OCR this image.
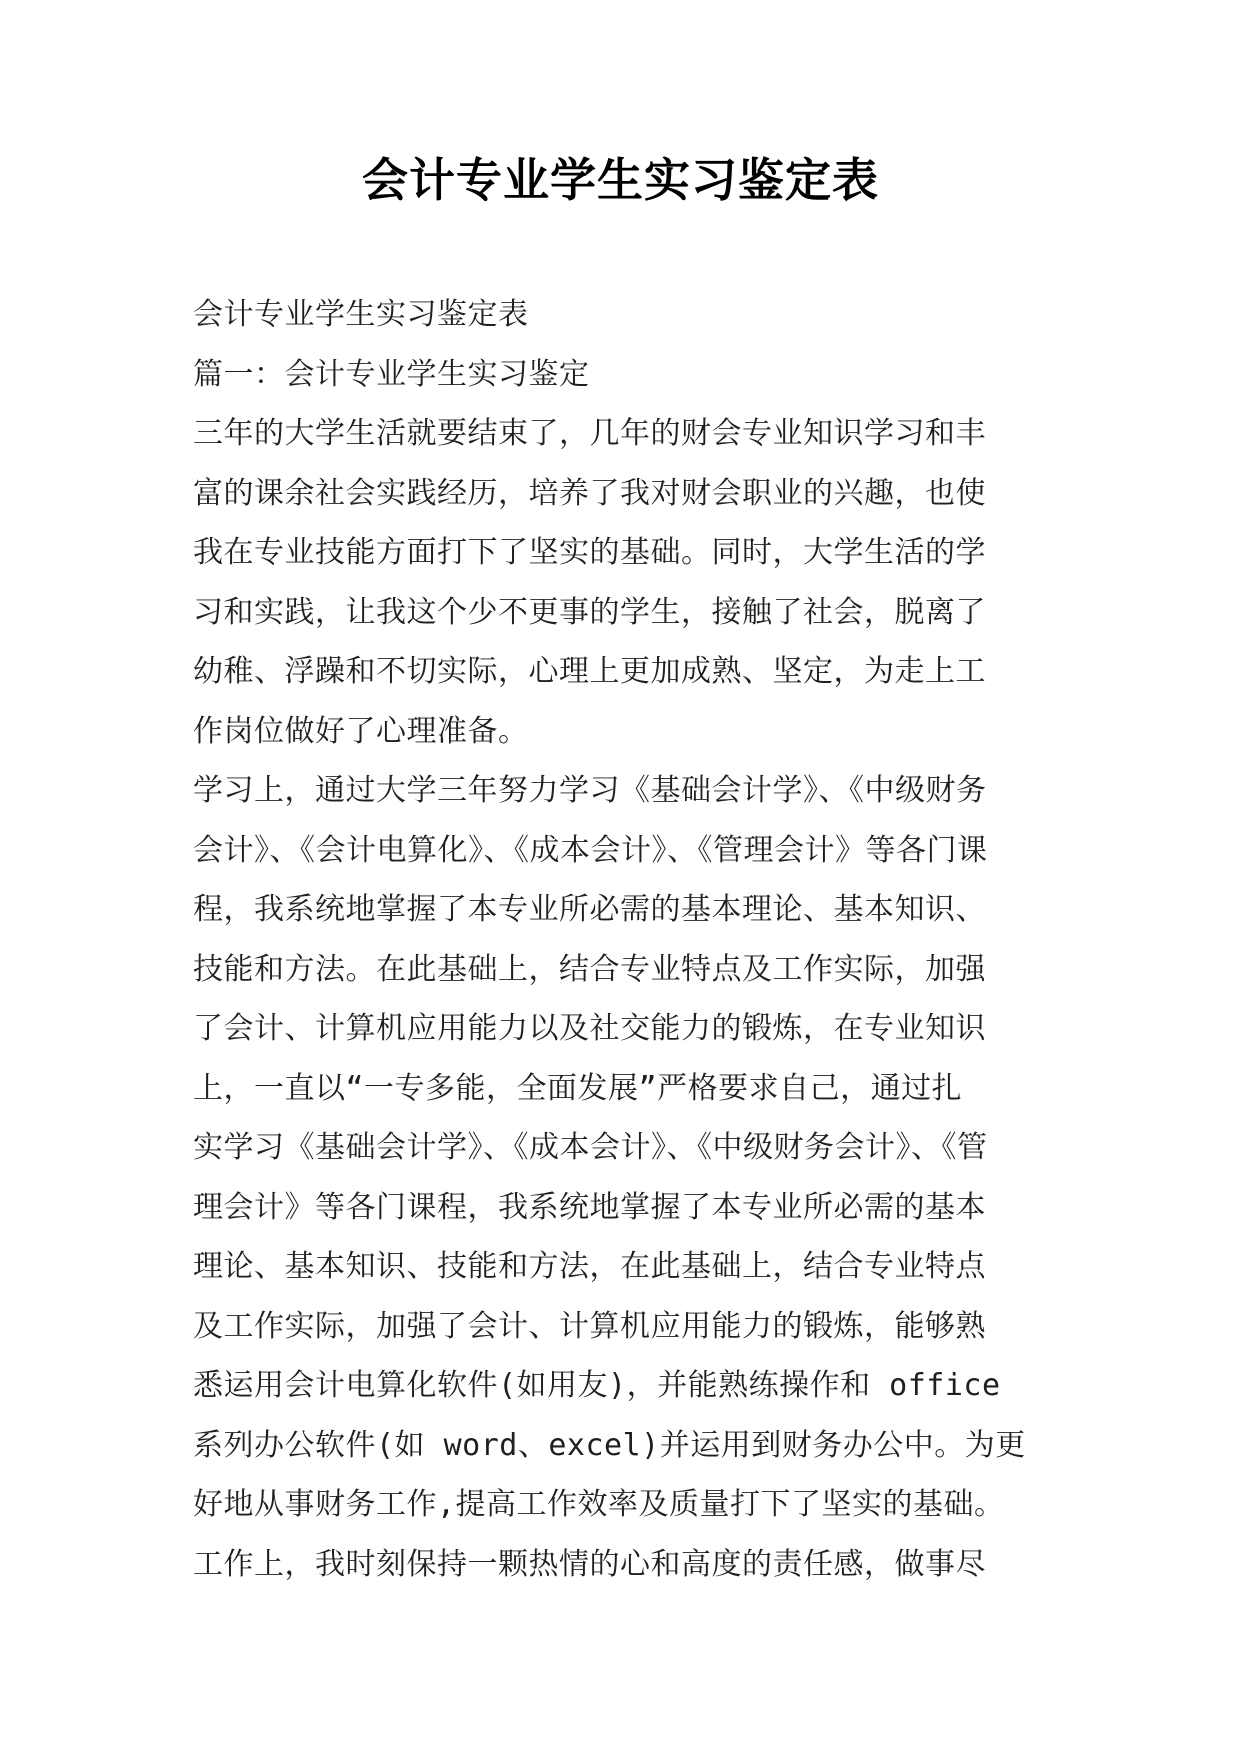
会计专业学生实习鉴定表
会计专业学生实习鉴定表
篇一：会计专业学生实习鉴定
三年的大学生活就要结束了，几年的财会专业知识学习和丰
富的课余社会实践经历，培养了我对财会职业的兴趣，也使
我在专业技能方面打下了坚实的基础。同时，大学生活的学
习和实践，让我这个少不更事的学生，接触了社会，脱离了
幼稚、浮躁和不切实际，心理上更加成熟、坚定，为走上工
作岗位做好了心理准备。
学习上，通过大学三年努力学习《基础会计学》、《中级财务
会计》、《会计电算化》、《成本会计》、《管理会计》等各门课
程，我系统地掌握了本专业所必需的基本理论、基本知识、
技能和方法。在此基础上，结合专业特点及工作实际，加强
了会计、计算机应用能力以及社交能力的锻炼，在专业知识
上，一直以“一专多能，全面发展”严格要求自己，通过扎
实学习《基础会计学》、《成本会计》、《中级财务会计》、《管
理会计》等各门课程，我系统地掌握了本专业所必需的基本
理论、基本知识、技能和方法，在此基础上，结合专业特点
及工作实际，加强了会计、计算机应用能力的锻炼，能够熟
悉运用会计电算化软件(如用友)，并能熟练操作和 office
系列办公软件(如 word、excel)并运用到财务办公中。为更
好地从事财务工作,提高工作效率及质量打下了坚实的基础。
工作上，我时刻保持一颗热情的心和高度的责任感，做事尽
